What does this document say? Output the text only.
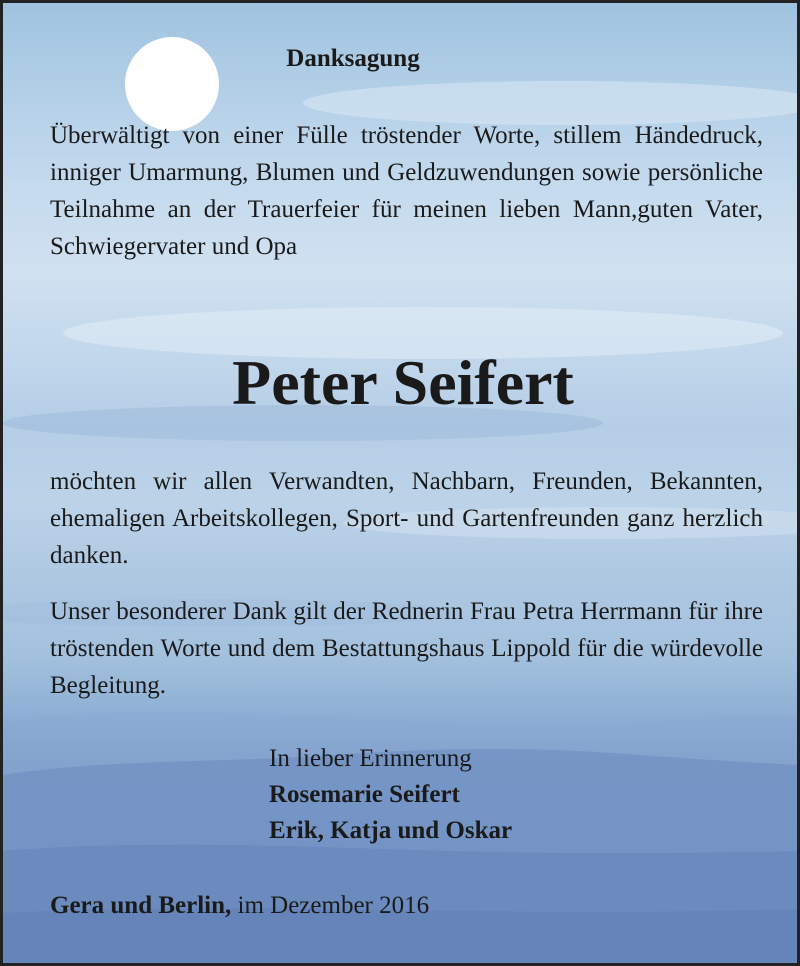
Danksagung

Überwältigt von einer Fülle tröstender Worte, stillem Händedruck, inniger Umarmung, Blumen und Geldzuwendungen sowie persönliche Teilnahme an der Trauerfeier für meinen lieben Mann,guten Vater, Schwiegervater und Opa

Peter Seifert

möchten wir allen Verwandten, Nachbarn, Freunden, Bekannten, ehemaligen Arbeitskollegen, Sport- und Gartenfreunden ganz herzlich danken.

Unser besonderer Dank gilt der Rednerin Frau Petra Herrmann für ihre tröstenden Worte und dem Bestattungshaus Lippold für die würdevolle Begleitung.

In lieber Erinnerung

Rosemarie Seifert

Erik, Katja und Oskar

Gera und Berlin, im Dezember 2016
